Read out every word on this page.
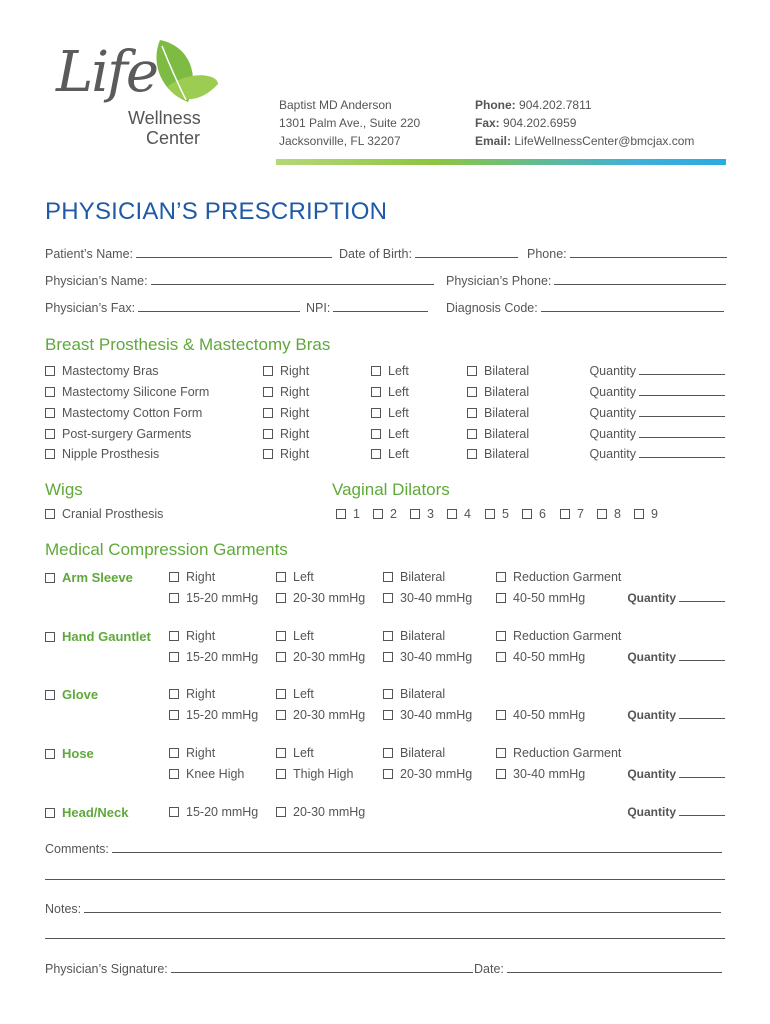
Life
Wellness
Center
Baptist MD Anderson
1301 Palm Ave., Suite 220
Jacksonville, FL 32207
Phone: 904.202.7811
Fax: 904.202.6959
Email: LifeWellnessCenter@bmcjax.com
PHYSICIAN’S PRESCRIPTION
Patient’s Name:	Date of Birth:	Phone:
Physician’s Name:	Physician’s Phone:
Physician’s Fax:	NPI:	Diagnosis Code:
Breast Prosthesis & Mastectomy Bras
Mastectomy Bras	Right	Left	Bilateral	Quantity
Mastectomy Silicone Form	Right	Left	Bilateral	Quantity
Mastectomy Cotton Form	Right	Left	Bilateral	Quantity
Post-surgery Garments	Right	Left	Bilateral	Quantity
Nipple Prosthesis	Right	Left	Bilateral	Quantity
Wigs
Cranial Prosthesis
Vaginal Dilators
1	2	3	4	5	6	7	8	9
Medical Compression Garments
Arm Sleeve	Right	Left	Bilateral	Reduction Garment
15-20 mmHg	20-30 mmHg	30-40 mmHg	40-50 mmHg	Quantity
Hand Gauntlet	Right	Left	Bilateral	Reduction Garment
15-20 mmHg	20-30 mmHg	30-40 mmHg	40-50 mmHg	Quantity
Glove	Right	Left	Bilateral
15-20 mmHg	20-30 mmHg	30-40 mmHg	40-50 mmHg	Quantity
Hose	Right	Left	Bilateral	Reduction Garment
Knee High	Thigh High	20-30 mmHg	30-40 mmHg	Quantity
Head/Neck	15-20 mmHg	20-30 mmHg	Quantity
Comments:
Notes:
Physician’s Signature:	Date:
